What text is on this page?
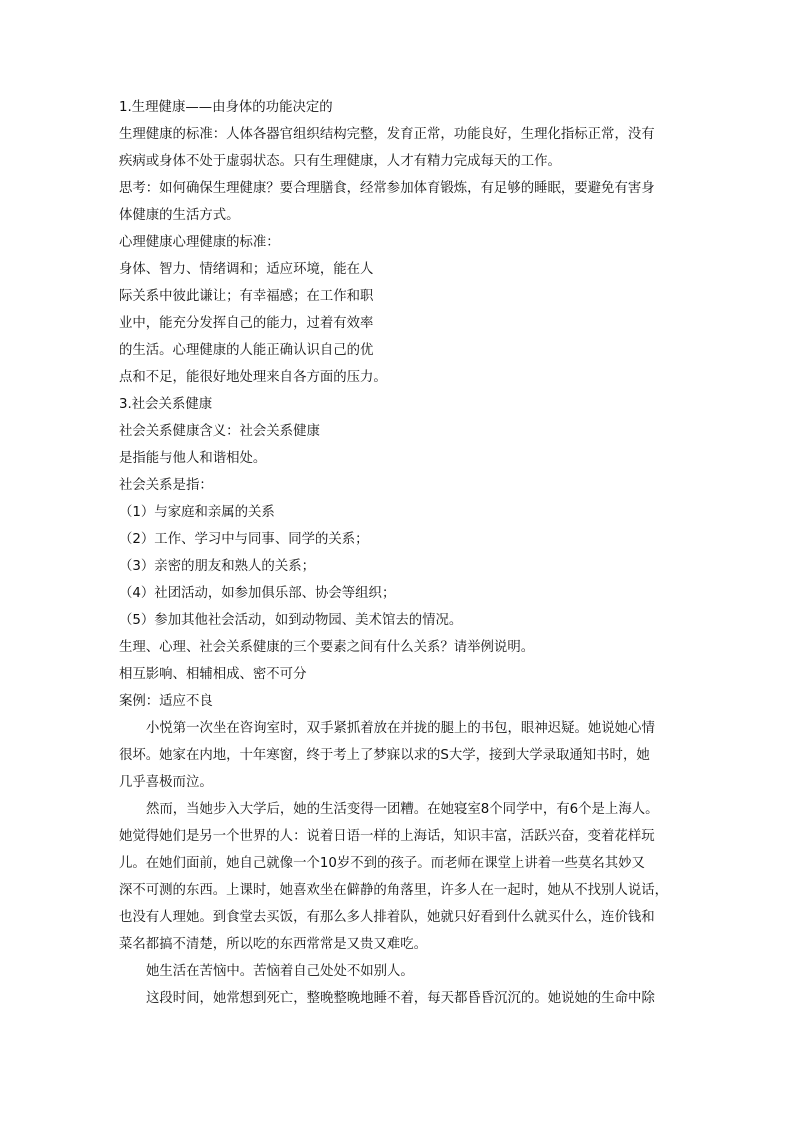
1.生理健康——由身体的功能决定的
生理健康的标准：人体各器官组织结构完整，发育正常，功能良好，生理化指标正常，没有
疾病或身体不处于虚弱状态。只有生理健康，人才有精力完成每天的工作。
思考：如何确保生理健康？要合理膳食，经常参加体育锻炼，有足够的睡眠，要避免有害身
体健康的生活方式。
心理健康心理健康的标准：
身体、智力、情绪调和；适应环境，能在人
际关系中彼此谦让；有幸福感；在工作和职
业中，能充分发挥自己的能力，过着有效率
的生活。心理健康的人能正确认识自己的优
点和不足，能很好地处理来自各方面的压力。
3.社会关系健康
社会关系健康含义：社会关系健康
是指能与他人和谐相处。
社会关系是指：
（1）与家庭和亲属的关系
（2）工作、学习中与同事、同学的关系；
（3）亲密的朋友和熟人的关系；
（4）社团活动，如参加俱乐部、协会等组织；
（5）参加其他社会活动，如到动物园、美术馆去的情况。
生理、心理、社会关系健康的三个要素之间有什么关系？请举例说明。
相互影响、相辅相成、密不可分
案例：适应不良
小悦第一次坐在咨询室时，双手紧抓着放在并拢的腿上的书包，眼神迟疑。她说她心情
很坏。她家在内地，十年寒窗，终于考上了梦寐以求的S大学，接到大学录取通知书时，她
几乎喜极而泣。
然而，当她步入大学后，她的生活变得一团糟。在她寝室8个同学中，有6个是上海人。
她觉得她们是另一个世界的人：说着日语一样的上海话，知识丰富，活跃兴奋，变着花样玩
儿。在她们面前，她自己就像一个10岁不到的孩子。而老师在课堂上讲着一些莫名其妙又
深不可测的东西。上课时，她喜欢坐在僻静的角落里，许多人在一起时，她从不找别人说话，
也没有人理她。到食堂去买饭，有那么多人排着队，她就只好看到什么就买什么，连价钱和
菜名都搞不清楚，所以吃的东西常常是又贵又难吃。
她生活在苦恼中。苦恼着自己处处不如别人。
这段时间，她常想到死亡，整晚整晚地睡不着，每天都昏昏沉沉的。她说她的生命中除
